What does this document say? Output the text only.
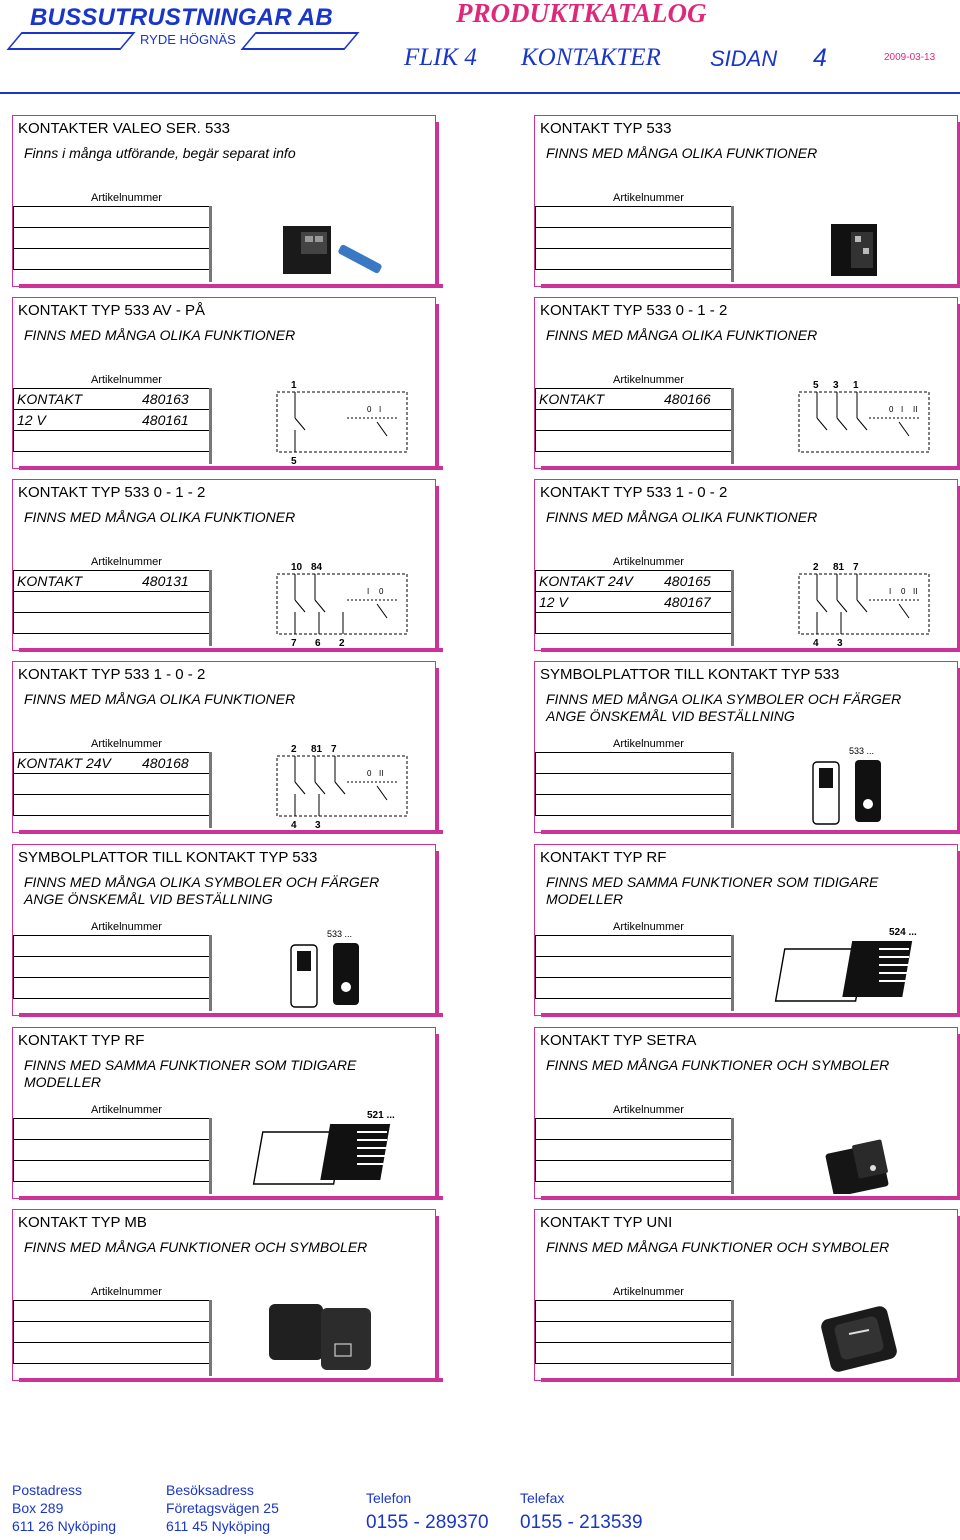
BUSSUTRUSTNINGAR AB
RYDE HÖGNÄS
PRODUKTKATALOG
FLIK 4 KONTAKTER SIDAN 4	2009-03-13
KONTAKTER VALEO SER. 533
Finns i många utförande, begär separat info
Artikelnummer
KONTAKT TYP 533
FINNS MED MÅNGA OLIKA FUNKTIONER
Artikelnummer
KONTAKT TYP 533 AV - PÅ
FINNS MED MÅNGA OLIKA FUNKTIONER
Artikelnummer
KONTAKT	480163
12 V	480161
1
5
0 I
KONTAKT TYP 533 0 - 1 - 2
FINNS MED MÅNGA OLIKA FUNKTIONER
Artikelnummer
KONTAKT	480166
5 3 1
0 I II
KONTAKT TYP 533 0 - 1 - 2
FINNS MED MÅNGA OLIKA FUNKTIONER
Artikelnummer
KONTAKT	480131
10 84
7 6 2
I 0
KONTAKT TYP 533 1 - 0 - 2
FINNS MED MÅNGA OLIKA FUNKTIONER
Artikelnummer
KONTAKT 24V 480165
12 V	480167
2 81 7
4 3
I 0 II
KONTAKT TYP 533 1 - 0 - 2
FINNS MED MÅNGA OLIKA FUNKTIONER
Artikelnummer
KONTAKT 24V 480168
2 81 7
4 3
0 II
SYMBOLPLATTOR TILL KONTAKT TYP 533
FINNS MED MÅNGA OLIKA SYMBOLER OCH FÄRGER
ANGE ÖNSKEMÅL VID BESTÄLLNING
Artikelnummer
533 ...
SYMBOLPLATTOR TILL KONTAKT TYP 533
FINNS MED MÅNGA OLIKA SYMBOLER OCH FÄRGER
ANGE ÖNSKEMÅL VID BESTÄLLNING
Artikelnummer
533 ...
KONTAKT TYP RF
FINNS MED SAMMA FUNKTIONER SOM TIDIGARE
MODELLER
Artikelnummer	524 ...
KONTAKT TYP RF
FINNS MED SAMMA FUNKTIONER SOM TIDIGARE
MODELLER
Artikelnummer	521 ...
KONTAKT TYP SETRA
FINNS MED MÅNGA FUNKTIONER OCH SYMBOLER
Artikelnummer
KONTAKT TYP MB
FINNS MED MÅNGA FUNKTIONER OCH SYMBOLER
Artikelnummer
KONTAKT TYP UNI
FINNS MED MÅNGA FUNKTIONER OCH SYMBOLER
Artikelnummer
Postadress
Box 289
611 26 Nyköping
Besöksadress
Företagsvägen 25
611 45 Nyköping
Telefon
0155 - 289370
Telefax
0155 - 213539
